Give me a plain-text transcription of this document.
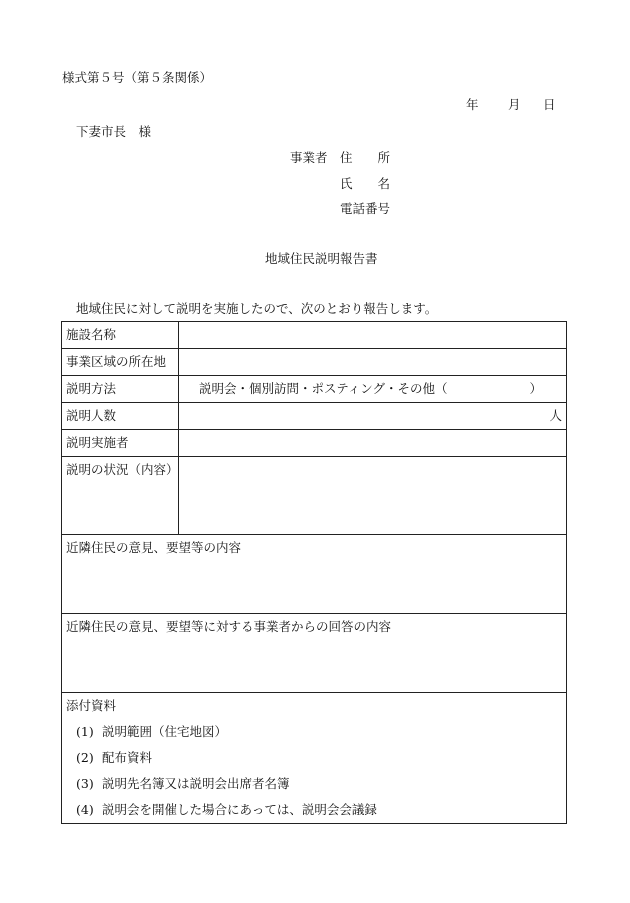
様式第５号（第５条関係）
年 月 日
下妻市長　様
事業者 住　　所
氏　　名
電話番号
地域住民説明報告書
地域住民に対して説明を実施したので、次のとおり報告します。
施設名称	
事業区域の所在地	
説明方法	説明会・個別訪問・ポスティング・その他（ ）

説明人数	人
説明実施者	
説明の状況（内容）	
近隣住民の意見、要望等の内容	
近隣住民の意見、要望等に対する事業者からの回答の内容	

添付資料
(1) 説明範囲（住宅地図）
(2) 配布資料
(3) 説明先名簿又は説明会出席者名簿
(4) 説明会を開催した場合にあっては、説明会会議録	
